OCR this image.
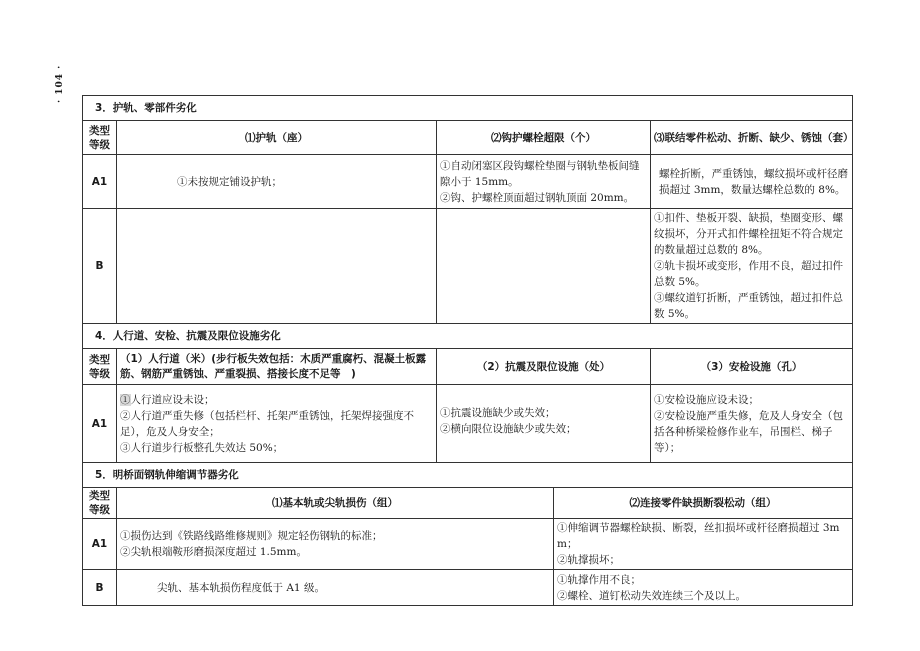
· 104 ·
3．护轨、零部件劣化				
类型
等级	⑴护轨（座）	⑵钩护螺栓超限（个）		⑶联结零件松动、折断、缺少、锈蚀（套）
A1	①未按规定铺设护轨；	①自动闭塞区段钩螺栓垫圈与钢轨垫板间缝隙小于 15mm。
②钩、护螺栓顶面超过钢轨顶面 20mm。		螺栓折断，严重锈蚀，螺纹损坏或杆径磨损超过 3mm，数量达螺栓总数的 8%。

B				①扣件、垫板开裂、缺损，垫圈变形、螺纹损坏，分开式扣件螺栓扭矩不符合规定的数量超过总数的 8%。
②轨卡损坏或变形，作用不良，超过扣件总数 5%。
③螺纹道钉折断，严重锈蚀，超过扣件总数 5%。

4．人行道、安检、抗震及限位设施劣化				
类型
等级	（1）人行道（米）(步行板失效包括：木质严重腐朽、混凝土板露筋、钢筋严重锈蚀、严重裂损、搭接长度不足等　)	（2）抗震及限位设施（处）		（3）安检设施（孔）
A1	①人行道应设未设；
②人行道严重失修（包括栏杆、托架严重锈蚀，托架焊接强度不足），危及人身安全；
③人行道步行板整孔失效达 50%；	①抗震设施缺少或失效；
②横向限位设施缺少或失效；		①安检设施应设未设；
②安检设施严重失修，危及人身安全（包括各种桥梁检修作业车，吊围栏、梯子等）；

5．明桥面钢轨伸缩调节器劣化				
类型
等级	⑴基本轨或尖轨损伤（组）		⑵连接零件缺损断裂松动（组）	
A1	①损伤达到《铁路线路维修规则》规定轻伤钢轨的标准；
②尖轨根端鞍形磨损深度超过 1.5mm。		①伸缩调节器螺栓缺损、断裂，丝扣损坏或杆径磨损超过 3mm；
②轨撑损坏；	

B	尖轨、基本轨损伤程度低于 A1 级。		①轨撑作用不良；
②螺栓、道钉松动失效连续三个及以上。	
